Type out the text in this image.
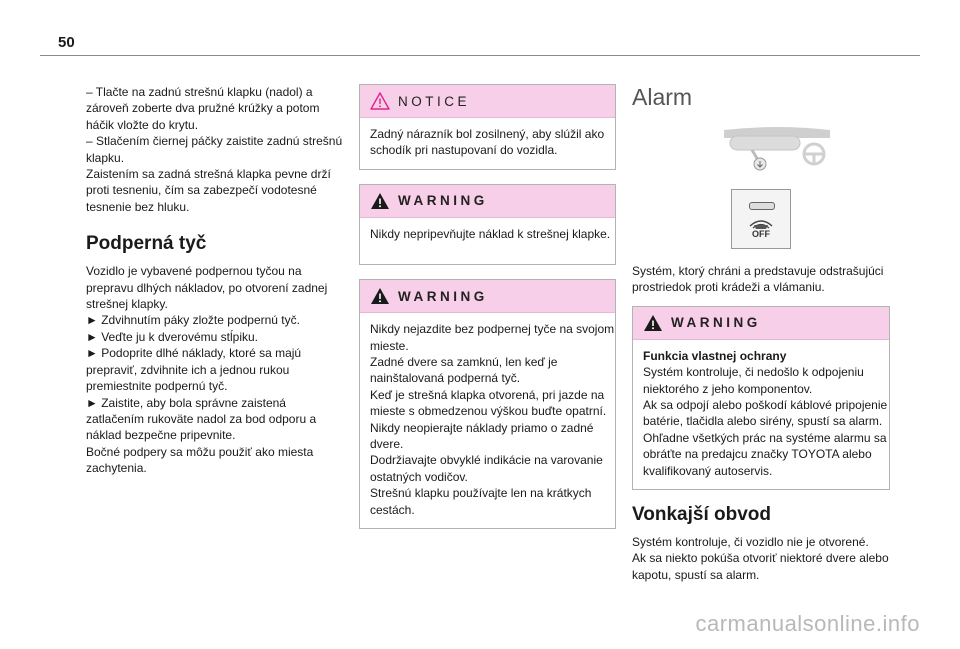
50
– Tlačte na zadnú strešnú klapku (nadol) a
zároveň zoberte dva pružné krúžky a potom
háčik vložte do krytu.
– Stlačením čiernej páčky zaistite zadnú strešnú
klapku.
Zaistením sa zadná strešná klapka pevne drží
proti tesneniu, čím sa zabezpečí vodotesné
tesnenie bez hluku.
Podperná tyč
Vozidlo je vybavené podpernou tyčou na
prepravu dlhých nákladov, po otvorení zadnej
strešnej klapky.
► Zdvihnutím páky zložte podpernú tyč.
► Veďte ju k dverovému stĺpiku.
► Podoprite dlhé náklady, ktoré sa majú
prepraviť, zdvihnite ich a jednou rukou
premiestnite podpernú tyč.
► Zaistite, aby bola správne zaistená
zatlačením rukoväte nadol za bod odporu a
náklad bezpečne pripevnite.
Bočné podpery sa môžu použiť ako miesta
zachytenia.
NOTICE
Zadný nárazník bol zosilnený, aby slúžil ako
schodík pri nastupovaní do vozidla.
WARNING
Nikdy nepripevňujte náklad k strešnej klapke.
WARNING
Nikdy nejazdite bez podpernej tyče na svojom
mieste.
Zadné dvere sa zamknú, len keď je
nainštalovaná podperná tyč.
Keď je strešná klapka otvorená, pri jazde na
mieste s obmedzenou výškou buďte opatrní.
Nikdy neopierajte náklady priamo o zadné
dvere.
Dodržiavajte obvyklé indikácie na varovanie
ostatných vodičov.
Strešnú klapku používajte len na krátkych
cestách.
Alarm
OFF
Systém, ktorý chráni a predstavuje odstrašujúci
prostriedok proti krádeži a vlámaniu.
WARNING
Funkcia vlastnej ochrany
Systém kontroluje, či nedošlo k odpojeniu
niektorého z jeho komponentov.
Ak sa odpojí alebo poškodí káblové pripojenie
batérie, tlačidla alebo sirény, spustí sa alarm.
Ohľadne všetkých prác na systéme alarmu sa
obráťte na predajcu značky TOYOTA alebo
kvalifikovaný autoservis.
Vonkajší obvod
Systém kontroluje, či vozidlo nie je otvorené.
Ak sa niekto pokúša otvoriť niektoré dvere alebo
kapotu, spustí sa alarm.
carmanualsonline.info
